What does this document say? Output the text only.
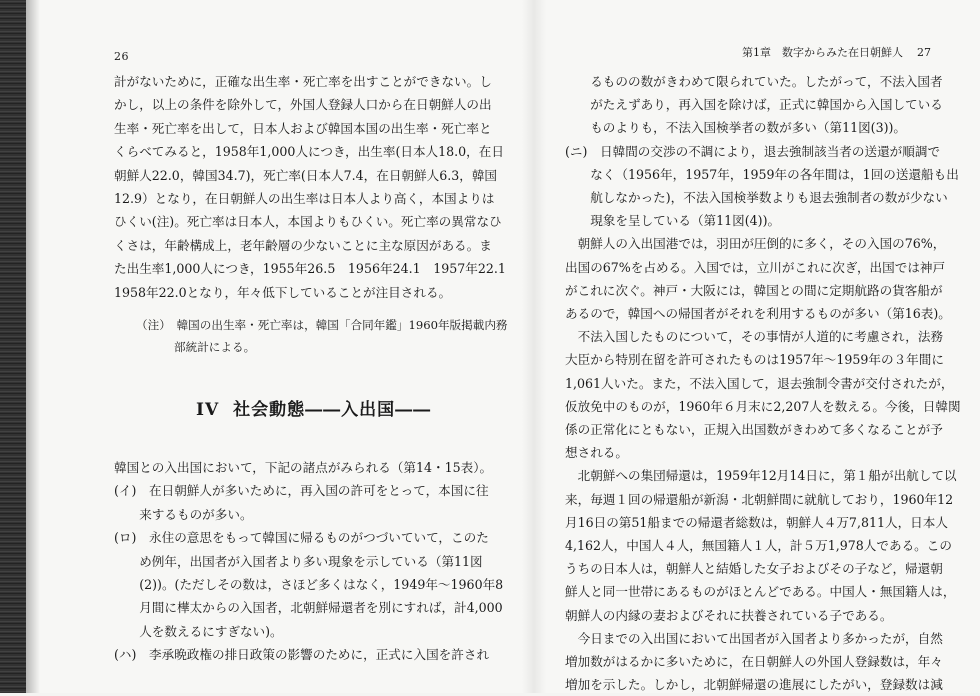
26

計がないために，正確な出生率・死亡率を出すことができない。し

かし，以上の条件を除外して，外国人登録人口から在日朝鮮人の出

生率・死亡率を出して，日本人および韓国本国の出生率・死亡率と

くらべてみると，1958年1,000人につき，出生率(日本人18.0，在日

朝鮮人22.0，韓国34.7)，死亡率(日本人7.4，在日朝鮮人6.3，韓国

12.9）となり，在日朝鮮人の出生率は日本人より高く，本国よりは

ひくい(注)。死亡率は日本人，本国よりもひくい。死亡率の異常なひ

くさは，年齢構成上，老年齢層の少ないことに主な原因がある。ま

た出生率1,000人につき，1955年26.5　1956年24.1　1957年22.1

1958年22.0となり，年々低下していることが注目される。

（注）　韓国の出生率・死亡率は，韓国「合同年鑑」1960年版掲載内務
部統計による。
IV 社会動態――入出国――

韓国との入出国において，下記の諸点がみられる（第14・15表）。

(イ)　在日朝鮮人が多いために，再入国の許可をとって，本国に往

　　来するものが多い。

(ロ)　永住の意思をもって韓国に帰るものがつづいていて，このた

　　め例年，出国者が入国者より多い現象を示している（第11図

　　(2))。(ただしその数は，さほど多くはなく，1949年～1960年8

　　月間に樺太からの入国者，北朝鮮帰還者を別にすれば，計4,000

　　人を数えるにすぎない)。

(ハ)　李承晩政権の排日政策の影響のために，正式に入国を許され

第1章　数字からみた在日朝鮮人 27

　　るものの数がきわめて限られていた。したがって，不法入国者

　　がたえずあり，再入国を除けば，正式に韓国から入国している

　　ものよりも，不法入国検挙者の数が多い（第11図(3))。

(ニ)　日韓間の交渉の不調により，退去強制該当者の送還が順調で

　　なく（1956年，1957年，1959年の各年間は，1回の送還船も出

　　航しなかった)，不法入国検挙数よりも退去強制者の数が少ない

　　現象を呈している（第11図(4))。

　朝鮮人の入出国港では，羽田が圧倒的に多く，その入国の76%，

出国の67%を占める。入国では，立川がこれに次ぎ，出国では神戸

がこれに次ぐ。神戸・大阪には，韓国との間に定期航路の貨客船が

あるので，韓国への帰国者がそれを利用するものが多い（第16表)。

　不法入国したものについて，その事情が人道的に考慮され，法務

大臣から特別在留を許可されたものは1957年～1959年の３年間に

1,061人いた。また，不法入国して，退去強制令書が交付されたが，

仮放免中のものが，1960年６月末に2,207人を数える。今後，日韓関

係の正常化にともない，正規入出国数がきわめて多くなることが予

想される。

　北朝鮮への集団帰還は，1959年12月14日に，第１船が出航して以

来，毎週１回の帰還船が新潟・北朝鮮間に就航しており，1960年12

月16日の第51船までの帰還者総数は，朝鮮人４万7,811人，日本人

4,162人，中国人４人，無国籍人１人，計５万1,978人である。この

うちの日本人は，朝鮮人と結婚した女子およびその子など，帰還朝

鮮人と同一世帯にあるものがほとんどである。中国人・無国籍人は，

朝鮮人の内縁の妻およびそれに扶養されている子である。

　今日までの入出国において出国者が入国者より多かったが，自然

増加数がはるかに多いために，在日朝鮮人の外国人登録数は，年々

増加を示した。しかし，北朝鮮帰還の進展にしたがい，登録数は減
